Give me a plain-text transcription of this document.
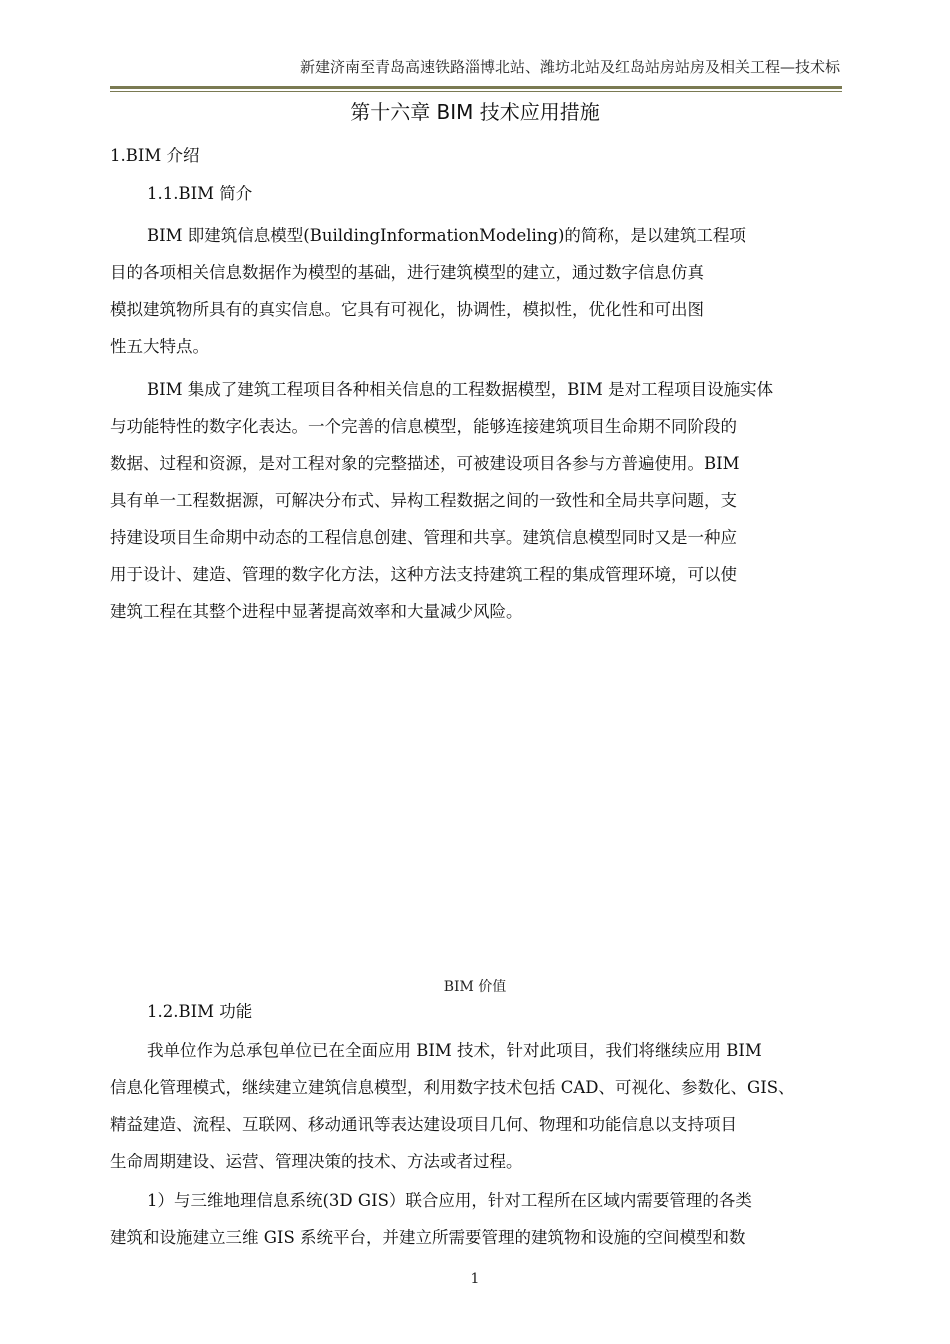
新建济南至青岛高速铁路淄博北站、潍坊北站及红岛站房站房及相关工程—技术标
第十六章 BIM 技术应用措施
1.BIM 介绍
1.1.BIM 简介
BIM 即建筑信息模型(BuildingInformationModeling)的简称，是以建筑工程项
目的各项相关信息数据作为模型的基础，进行建筑模型的建立，通过数字信息仿真
模拟建筑物所具有的真实信息。它具有可视化，协调性，模拟性，优化性和可出图
性五大特点。
BIM 集成了建筑工程项目各种相关信息的工程数据模型，BIM 是对工程项目设施实体
与功能特性的数字化表达。一个完善的信息模型，能够连接建筑项目生命期不同阶段的
数据、过程和资源，是对工程对象的完整描述，可被建设项目各参与方普遍使用。BIM
具有单一工程数据源，可解决分布式、异构工程数据之间的一致性和全局共享问题，支
持建设项目生命期中动态的工程信息创建、管理和共享。建筑信息模型同时又是一种应
用于设计、建造、管理的数字化方法，这种方法支持建筑工程的集成管理环境，可以使
建筑工程在其整个进程中显著提高效率和大量减少风险。
BIM 价值
1.2.BIM 功能
我单位作为总承包单位已在全面应用 BIM 技术，针对此项目，我们将继续应用 BIM
信息化管理模式，继续建立建筑信息模型，利用数字技术包括 CAD、可视化、参数化、GIS、
精益建造、流程、互联网、移动通讯等表达建设项目几何、物理和功能信息以支持项目
生命周期建设、运营、管理决策的技术、方法或者过程。
1）与三维地理信息系统(3D GIS）联合应用，针对工程所在区域内需要管理的各类
建筑和设施建立三维 GIS 系统平台，并建立所需要管理的建筑物和设施的空间模型和数
1
